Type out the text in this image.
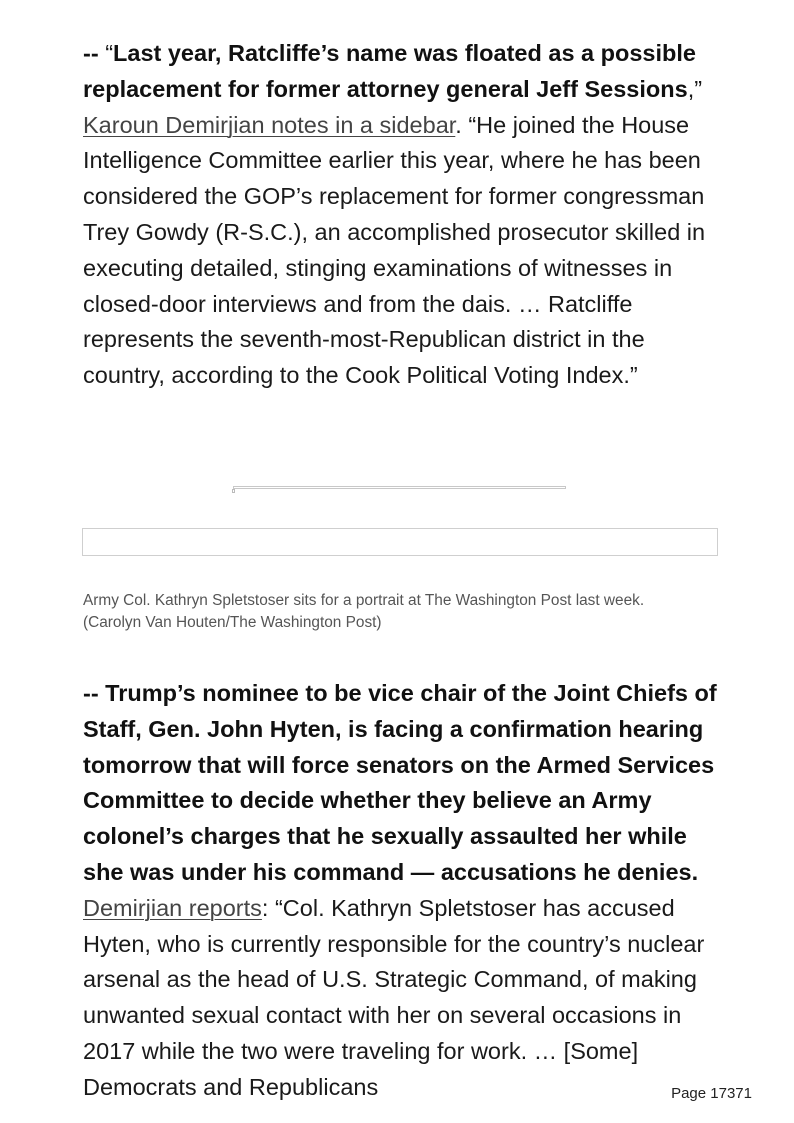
-- “Last year, Ratcliffe’s name was floated as a possible replacement for former attorney general Jeff Sessions,” Karoun Demirjian notes in a sidebar. “He joined the House Intelligence Committee earlier this year, where he has been considered the GOP’s replacement for former congressman Trey Gowdy (R-S.C.), an accomplished prosecutor skilled in executing detailed, stinging examinations of witnesses in closed-door interviews and from the dais. … Ratcliffe represents the seventh-most-Republican district in the country, according to the Cook Political Voting Index.”

Army Col. Kathryn Spletstoser sits for a portrait at The Washington Post last week.
(Carolyn Van Houten/The Washington Post)

-- Trump’s nominee to be vice chair of the Joint Chiefs of Staff, Gen. John Hyten, is facing a confirmation hearing tomorrow that will force senators on the Armed Services Committee to decide whether they believe an Army colonel’s charges that he sexually assaulted her while she was under his command — accusations he denies. Demirjian reports: “Col. Kathryn Spletstoser has accused Hyten, who is currently responsible for the country’s nuclear arsenal as the head of U.S. Strategic Command, of making unwanted sexual contact with her on several occasions in 2017 while the two were traveling for work. … [Some] Democrats and Republicans	Page 17371
